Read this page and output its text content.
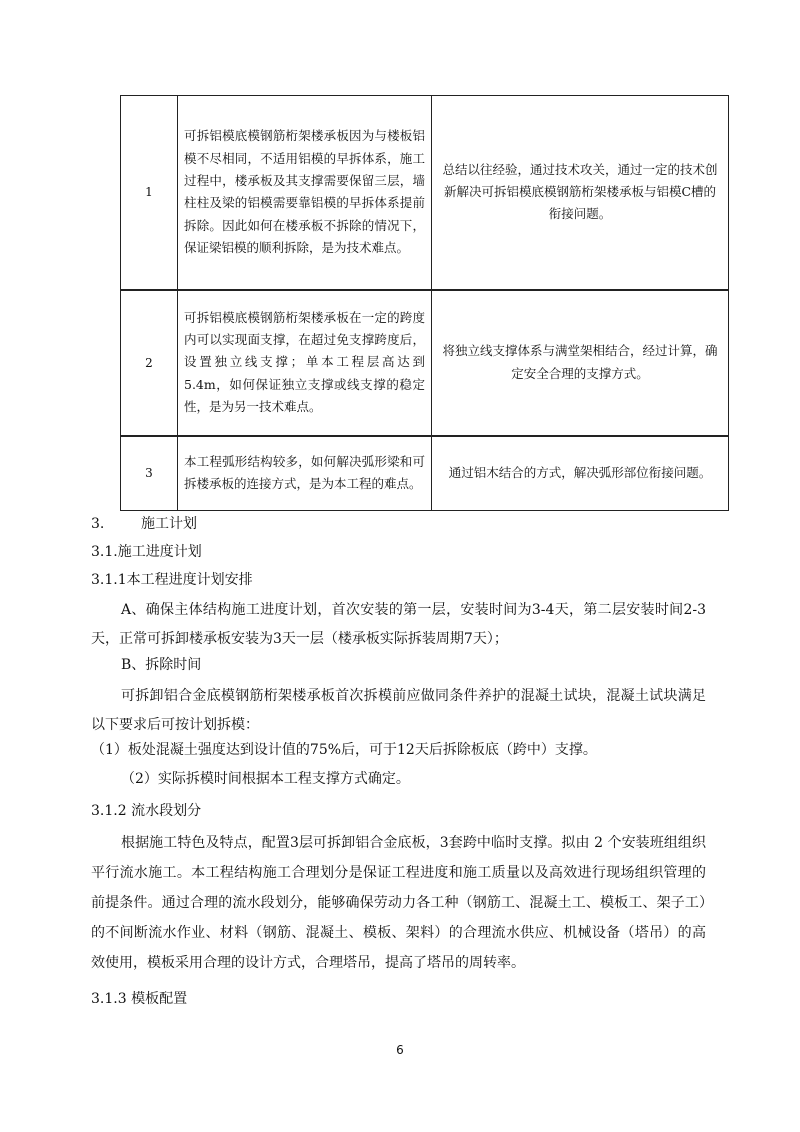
1	可拆铝模底模钢筋桁架楼承板因为与楼板铝模不尽相同，不适用铝模的早拆体系，施工过程中，楼承板及其支撑需要保留三层，墙柱柱及梁的铝模需要靠铝模的早拆体系提前拆除。因此如何在楼承板不拆除的情况下，保证梁铝模的顺利拆除，是为技术难点。	总结以往经验，通过技术攻关，通过一定的技术创新解决可拆铝模底模钢筋桁架楼承板与铝模C槽的衔接问题。

2	可拆铝模底模钢筋桁架楼承板在一定的跨度内可以实现面支撑，在超过免支撑跨度后，设置独立线支撑；单本工程层高达到5.4m，如何保证独立支撑或线支撑的稳定性，是为另一技术难点。	将独立线支撑体系与满堂架相结合，经过计算，确定安全合理的支撑方式。

3	本工程弧形结构较多，如何解决弧形梁和可拆楼承板的连接方式，是为本工程的难点。	通过铝木结合的方式，解决弧形部位衔接问题。
3.	施工计划
3.1.施工进度计划
3.1.1本工程进度计划安排
A、确保主体结构施工进度计划，首次安装的第一层，安装时间为3-4天，第二层安装时间2-3天，正常可拆卸楼承板安装为3天一层（楼承板实际拆装周期7天）；
B、拆除时间
可拆卸铝合金底模钢筋桁架楼承板首次拆模前应做同条件养护的混凝土试块，混凝土试块满足以下要求后可按计划拆模：
（1）板处混凝土强度达到设计值的75%后，可于12天后拆除板底（跨中）支撑。
（2）实际拆模时间根据本工程支撑方式确定。
3.1.2 流水段划分
根据施工特色及特点，配置3层可拆卸铝合金底板，3套跨中临时支撑。拟由 2 个安装班组组织平行流水施工。本工程结构施工合理划分是保证工程进度和施工质量以及高效进行现场组织管理的前提条件。通过合理的流水段划分，能够确保劳动力各工种（钢筋工、混凝土工、模板工、架子工）的不间断流水作业、材料（钢筋、混凝土、模板、架料）的合理流水供应、机械设备（塔吊）的高效使用，模板采用合理的设计方式，合理塔吊，提高了塔吊的周转率。
3.1.3 模板配置
6
